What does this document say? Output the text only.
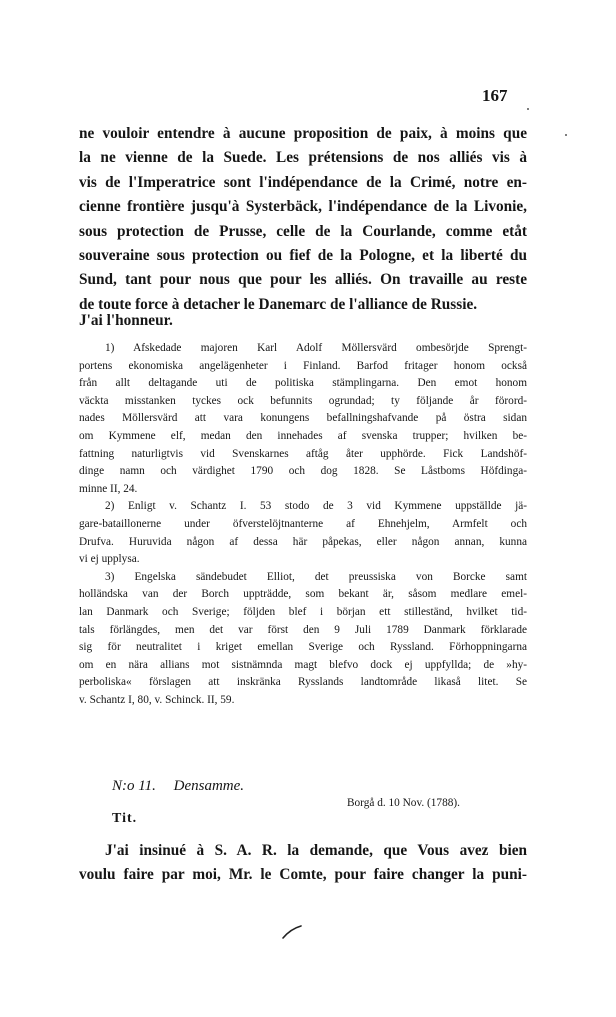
167
ne vouloir entendre à aucune proposition de paix, à moins que
la ne vienne de la Suede. Les prétensions de nos alliés vis à
vis de l'Imperatrice sont l'indépendance de la Crimé, notre en-
cienne frontière jusqu'à Systerbäck, l'indépendance de la Livonie,
sous protection de Prusse, celle de la Courlande, comme etåt
souveraine sous protection ou fief de la Pologne, et la liberté du
Sund, tant pour nous que pour les alliés. On travaille au reste
de toute force à detacher le Danemarc de l'alliance de Russie.
J'ai l'honneur.
1) Afskedade majoren Karl Adolf Möllersvärd ombesörjde Sprengt-
portens ekonomiska angelägenheter i Finland. Barfod fritager honom också
från allt deltagande uti de politiska stämplingarna. Den emot honom
väckta misstanken tyckes ock befunnits ogrundad; ty följande år förord-
nades Möllersvärd att vara konungens befallningshafvande på östra sidan
om Kymmene elf, medan den innehades af svenska trupper; hvilken be-
fattning naturligtvis vid Svenskarnes aftåg åter upphörde. Fick Landshöf-
dinge namn och värdighet 1790 och dog 1828. Se Låstboms Höfdinga-
minne II, 24.
2) Enligt v. Schantz I. 53 stodo de 3 vid Kymmene uppställde jä-
gare-bataillonerne under öfverstelöjtnanterne af Ehnehjelm, Armfelt och
Drufva. Huruvida någon af dessa här påpekas, eller någon annan, kunna
vi ej upplysa.
3) Engelska sändebudet Elliot, det preussiska von Borcke samt
holländska van der Borch uppträdde, som bekant är, såsom medlare emel-
lan Danmark och Sverige; följden blef i början ett stilleständ, hvilket tid-
tals förlängdes, men det var först den 9 Juli 1789 Danmark förklarade
sig för neutralitet i kriget emellan Sverige och Ryssland. Förhoppningarna
om en nära allians mot sistnämnda magt blefvo dock ej uppfyllda; de »hy-
perboliska« förslagen att inskränka Rysslands landtområde likaså litet. Se
v. Schantz I, 80, v. Schinck. II, 59.
N:o 11. Densamme.
Borgå d. 10 Nov. (1788).
Tit.
J'ai insinué à S. A. R. la demande, que Vous avez bien
voulu faire par moi, Mr. le Comte, pour faire changer la puni-
